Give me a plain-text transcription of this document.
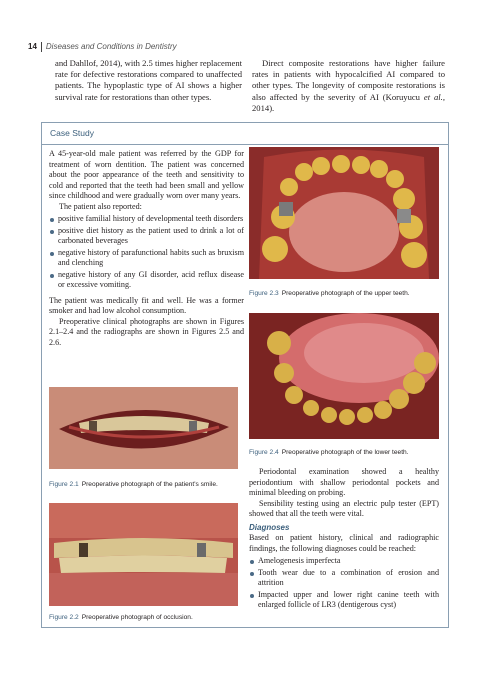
14 Diseases and Conditions in Dentistry

and Dahllof, 2014), with 2.5 times higher replacement rate for defective restorations compared to unaffected patients. The hypoplastic type of AI shows a higher survival rate for restorations than other types.

Direct composite restorations have higher failure rates in patients with hypocalcified AI compared to other types. The longevity of composite restorations is also affected by the severity of AI (Koruyucu et al., 2014).

Case Study

A 45-year-old male patient was referred by the GDP for treatment of worn dentition. The patient was concerned about the poor appearance of the teeth and sensitivity to cold and reported that the teeth had been small and yellow since childhood and were gradually worn over many years.

The patient also reported:

positive familial history of developmental teeth disorders
positive diet history as the patient used to drink a lot of carbonated beverages
negative history of parafunctional habits such as bruxism and clenching
negative history of any GI disorder, acid reflux disease or excessive vomiting.

The patient was medically fit and well. He was a former smoker and had low alcohol consumption.

Preoperative clinical photographs are shown in Figures 2.1–2.4 and the radiographs are shown in Figures 2.5 and 2.6.

Figure 2.1 Preoperative photograph of the patient's smile.
Figure 2.2 Preoperative photograph of occlusion.
Figure 2.3 Preoperative photograph of the upper teeth.
Figure 2.4 Preoperative photograph of the lower teeth.

Periodontal examination showed a healthy periodontium with shallow periodontal pockets and minimal bleeding on probing.

Sensibility testing using an electric pulp tester (EPT) showed that all the teeth were vital.

Diagnoses

Based on patient history, clinical and radiographic findings, the following diagnoses could be reached:

Amelogenesis imperfecta
Tooth wear due to a combination of erosion and attrition
Impacted upper and lower right canine teeth with enlarged follicle of LR3 (dentigerous cyst)
